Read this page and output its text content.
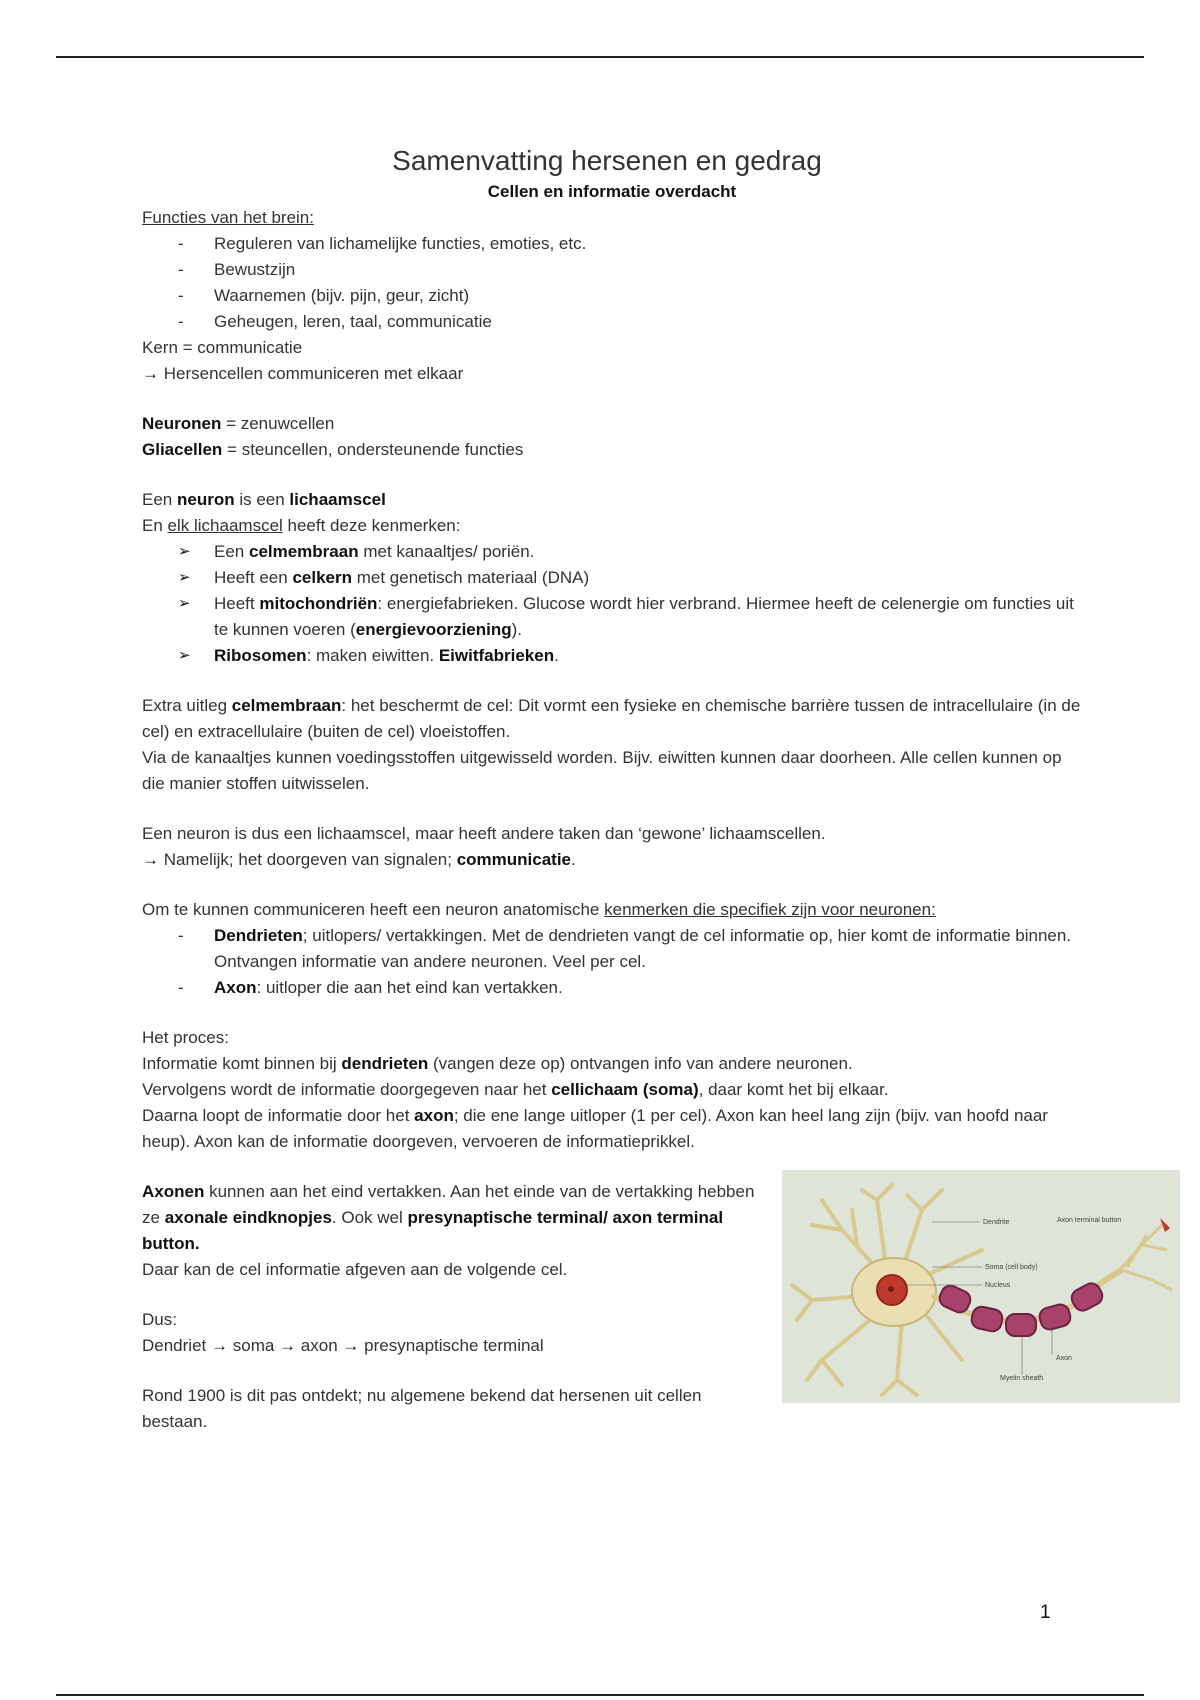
Samenvatting hersenen en gedrag
Cellen en informatie overdacht

Functies van het brein:

- Reguleren van lichamelijke functies, emoties, etc.
- Bewustzijn
- Waarnemen (bijv. pijn, geur, zicht)
- Geheugen, leren, taal, communicatie

Kern = communicatie

→ Hersencellen communiceren met elkaar

Neuronen = zenuwcellen

Gliacellen = steuncellen, ondersteunende functies

Een neuron is een lichaamscel

En elk lichaamscel heeft deze kenmerken:

➢ Een celmembraan met kanaaltjes/ poriën.
➢ Heeft een celkern met genetisch materiaal (DNA)
➢ Heeft mitochondriën: energiefabrieken. Glucose wordt hier verbrand. Hiermee heeft de celenergie om functies uit te kunnen voeren (energievoorziening).
➢ Ribosomen: maken eiwitten. Eiwitfabrieken.

Extra uitleg celmembraan: het beschermt de cel: Dit vormt een fysieke en chemische barrière tussen de intracellulaire (in de cel) en extracellulaire (buiten de cel) vloeistoffen.

Via de kanaaltjes kunnen voedingsstoffen uitgewisseld worden. Bijv. eiwitten kunnen daar doorheen. Alle cellen kunnen op die manier stoffen uitwisselen.

Een neuron is dus een lichaamscel, maar heeft andere taken dan ‘gewone’ lichaamscellen.

→ Namelijk; het doorgeven van signalen; communicatie.

Om te kunnen communiceren heeft een neuron anatomische kenmerken die specifiek zijn voor neuronen:

- Dendrieten; uitlopers/ vertakkingen. Met de dendrieten vangt de cel informatie op, hier komt de informatie binnen. Ontvangen informatie van andere neuronen. Veel per cel.
- Axon: uitloper die aan het eind kan vertakken.

Het proces:

Informatie komt binnen bij dendrieten (vangen deze op) ontvangen info van andere neuronen.

Vervolgens wordt de informatie doorgegeven naar het cellichaam (soma), daar komt het bij elkaar.

Daarna loopt de informatie door het axon; die ene lange uitloper (1 per cel). Axon kan heel lang zijn (bijv. van hoofd naar heup). Axon kan de informatie doorgeven, vervoeren de informatieprikkel.

Axonen kunnen aan het eind vertakken. Aan het einde van de vertakking hebben ze axonale eindknopjes. Ook wel presynaptische terminal/ axon terminal button.

Daar kan de cel informatie afgeven aan de volgende cel.

Dus:

Dendriet → soma → axon → presynaptische terminal

Rond 1900 is dit pas ontdekt; nu algemene bekend dat hersenen uit cellen bestaan.

Dendrite	Axon terminal button
Soma (cell body)
Nucleus
Axon
Myelin sheath
1
